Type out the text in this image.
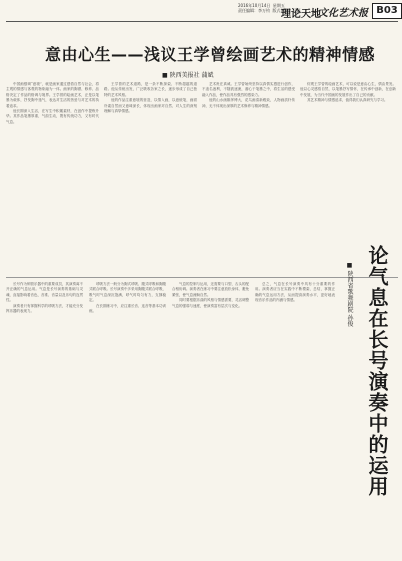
2016年10月14日  星期五
责任编辑：李万钧  版式设计：马源
理论天地
文化艺术报 B03
意由心生——浅议王学曾绘画艺术的精神情感
■ 陕西美报社 蒲斌

中国画强调“意境”，就是画家通过感悟自然与社会，将主观的情感与客观的物象融为一体。画家的胸襟、修养、品格决定了作品的格调与境界。王学曾的绘画艺术，正是以笔墨为载体，抒发胸中逸气，表达对生活的热爱与对艺术的执着追求。

他长期深入生活，在写生中积累素材，在创作中提炼升华。其作品笔墨厚重，气韵生动，既有传统功力，又有时代气息。

王学曾的艺术道路，是一条不断探索、不断超越的道路。他从传统出发，广泛吸收各家之长，逐步形成了自己独特的艺术风格。

他的作品注重意境的营造，以情入画，以意统笔，画面朴素自然而又意味深长，体现出画家对自然、对人生的深刻理解与真挚情感。

艺术贵在真诚。王学曾始终坚持以真情实感进行创作，不追名逐利，不随波逐流，潜心于笔墨之中，将生活的感受融入作品，使作品具有强烈的感染力。

他的山水画雄浑博大，花鸟画清新雅致，人物画质朴传神，无不体现出深厚的艺术修养与精神情感。

综观王学曾的绘画艺术，可以说是意由心生，情由景发。他以心灵感悟自然，以笔墨抒写情怀，在传承中创新，在创新中发展，为当代中国画的发展作出了自己的贡献。

其艺术精神与情感追求，值得我们认真研究与学习。

长号作为铜管乐器中的重要成员，其演奏离不开正确的气息运用。气息是长号演奏的基础与灵魂，直接影响着音色、音准、音量以及乐句的连贯性。

演奏者只有掌握科学的呼吸方法，才能充分发挥乐器的表现力。

呼吸方法一般分为胸式呼吸、腹式呼吸和胸腹式联合呼吸。长号演奏中多采用胸腹式联合呼吸，吸气时气息深沉饱满，呼气时均匀有力，支撑稳定。

在长期练习中，应注重长音、连音等基本功训练。

气息的控制与运用，还需要与口型、舌头的配合相协调。演奏者在练习中要注意放松身体，避免紧张，使气息流畅自然。

同时要根据乐曲的风格与情感需要，灵活调整气息的强弱与速度，使演奏富有层次与变化。

总之，气息在长号演奏中具有十分重要的作用。演奏者应当在实践中不断摸索、总结，掌握正确的气息运用方法，从而提高演奏水平，更好地表现音乐作品的内涵与情感。	■ 陕西省歌舞剧院 孙俊 论气息在长号演奏中的运用
